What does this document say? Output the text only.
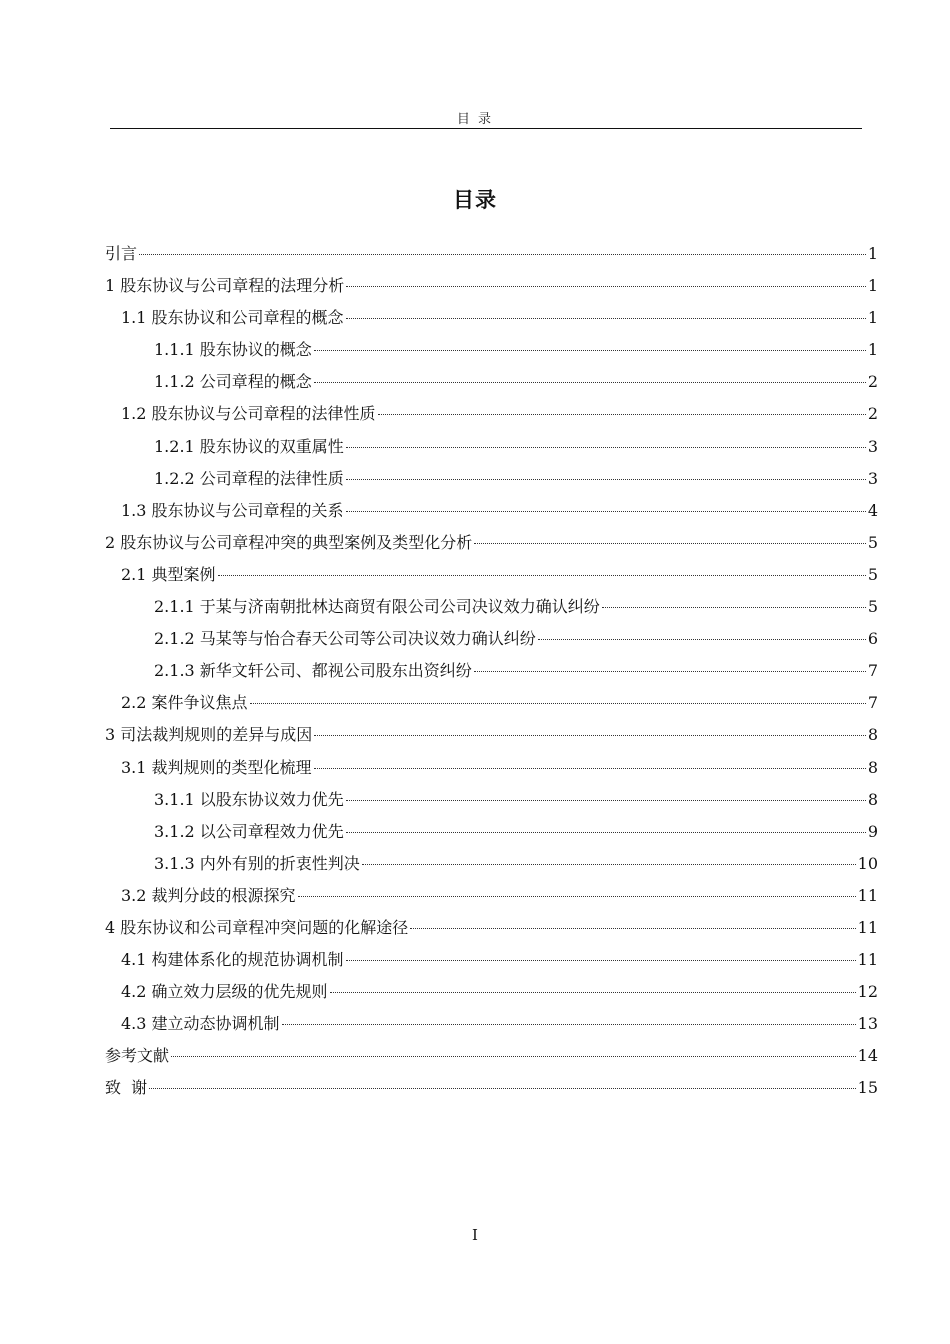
目 录
目录
引言	1
1 股东协议与公司章程的法理分析	1
1.1 股东协议和公司章程的概念	1
1.1.1 股东协议的概念	1
1.1.2 公司章程的概念	2
1.2 股东协议与公司章程的法律性质	2
1.2.1 股东协议的双重属性	3
1.2.2 公司章程的法律性质	3
1.3 股东协议与公司章程的关系	4
2 股东协议与公司章程冲突的典型案例及类型化分析	5
2.1 典型案例	5
2.1.1 于某与济南朝批林达商贸有限公司公司决议效力确认纠纷	5
2.1.2 马某等与怡合春天公司等公司决议效力确认纠纷	6
2.1.3 新华文轩公司、都视公司股东出资纠纷	7
2.2 案件争议焦点	7
3 司法裁判规则的差异与成因	8
3.1 裁判规则的类型化梳理	8
3.1.1 以股东协议效力优先	8
3.1.2 以公司章程效力优先	9
3.1.3 内外有别的折衷性判决	10
3.2 裁判分歧的根源探究	11
4 股东协议和公司章程冲突问题的化解途径	11
4.1 构建体系化的规范协调机制	11
4.2 确立效力层级的优先规则	12
4.3 建立动态协调机制	13
参考文献	14
致  谢	15
I
